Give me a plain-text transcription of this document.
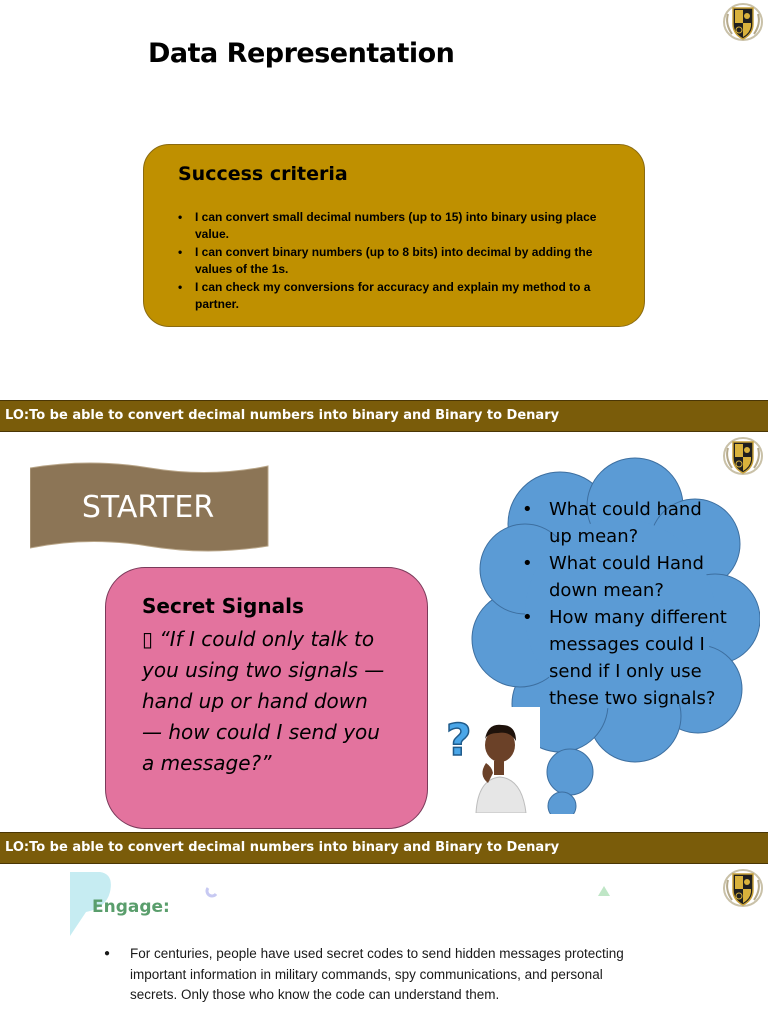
Data Representation
Success criteria
• I can convert small decimal numbers (up to 15) into binary using place value.
• I can convert binary numbers (up to 8 bits) into decimal by adding the values of the 1s.
• I can check my conversions for accuracy and explain my method to a partner.
LO:To be able to convert decimal numbers into binary and Binary to Denary
STARTER
Secret Signals
▯ “If I could only talk to you using two signals — hand up or hand down — how could I send you a message?”
• What could hand up mean?
• What could Hand down mean?
• How many different messages could I send if I only use these two signals?
?
LO:To be able to convert decimal numbers into binary and Binary to Denary
Engage:
● For centuries, people have used secret codes to send hidden messages protecting important information in military commands, spy communications, and personal secrets. Only those who know the code can understand them.
